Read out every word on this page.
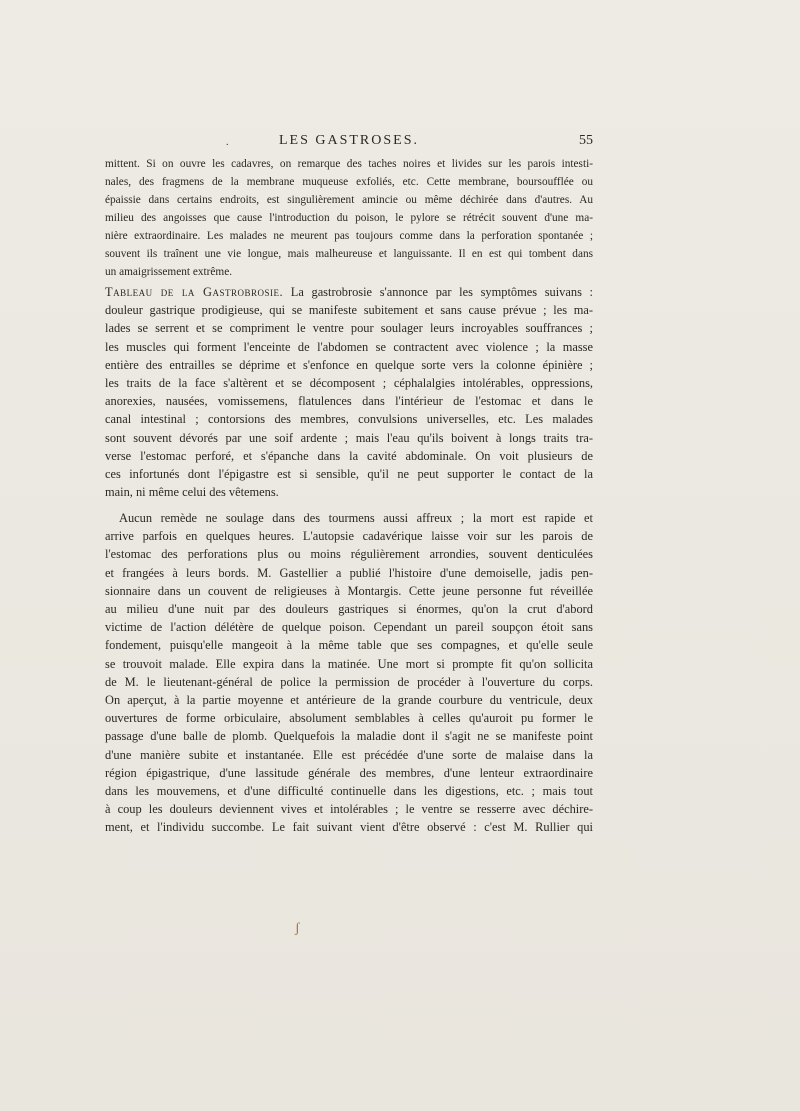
.	LES GASTROSES.	55
mittent. Si on ouvre les cadavres, on remarque des taches noires et livides sur les parois intesti-
nales, des fragmens de la membrane muqueuse exfoliés, etc. Cette membrane, boursoufflée ou
épaissie dans certains endroits, est singulièrement amincie ou même déchirée dans d'autres. Au
milieu des angoisses que cause l'introduction du poison, le pylore se rétrécit souvent d'une ma-
nière extraordinaire. Les malades ne meurent pas toujours comme dans la perforation spontanée ;
souvent ils traînent une vie longue, mais malheureuse et languissante. Il en est qui tombent dans
un amaigrissement extrême.
Tableau de la Gastrobrosie. La gastrobrosie s'annonce par les symptômes suivans :
douleur gastrique prodigieuse, qui se manifeste subitement et sans cause prévue ; les ma-
lades se serrent et se compriment le ventre pour soulager leurs incroyables souffrances ;
les muscles qui forment l'enceinte de l'abdomen se contractent avec violence ; la masse
entière des entrailles se déprime et s'enfonce en quelque sorte vers la colonne épinière ;
les traits de la face s'altèrent et se décomposent ; céphalalgies intolérables, oppressions,
anorexies, nausées, vomissemens, flatulences dans l'intérieur de l'estomac et dans le
canal intestinal ; contorsions des membres, convulsions universelles, etc. Les malades
sont souvent dévorés par une soif ardente ; mais l'eau qu'ils boivent à longs traits tra-
verse l'estomac perforé, et s'épanche dans la cavité abdominale. On voit plusieurs de
ces infortunés dont l'épigastre est si sensible, qu'il ne peut supporter le contact de la
main, ni même celui des vêtemens.
Aucun remède ne soulage dans des tourmens aussi affreux ; la mort est rapide et
arrive parfois en quelques heures. L'autopsie cadavérique laisse voir sur les parois de
l'estomac des perforations plus ou moins régulièrement arrondies, souvent denticulées
et frangées à leurs bords. M. Gastellier a publié l'histoire d'une demoiselle, jadis pen-
sionnaire dans un couvent de religieuses à Montargis. Cette jeune personne fut réveillée
au milieu d'une nuit par des douleurs gastriques si énormes, qu'on la crut d'abord
victime de l'action délétère de quelque poison. Cependant un pareil soupçon étoit sans
fondement, puisqu'elle mangeoit à la même table que ses compagnes, et qu'elle seule
se trouvoit malade. Elle expira dans la matinée. Une mort si prompte fit qu'on sollicita
de M. le lieutenant-général de police la permission de procéder à l'ouverture du corps.
On aperçut, à la partie moyenne et antérieure de la grande courbure du ventricule, deux
ouvertures de forme orbiculaire, absolument semblables à celles qu'auroit pu former le
passage d'une balle de plomb. Quelquefois la maladie dont il s'agit ne se manifeste point
d'une manière subite et instantanée. Elle est précédée d'une sorte de malaise dans la
région épigastrique, d'une lassitude générale des membres, d'une lenteur extraordinaire
dans les mouvemens, et d'une difficulté continuelle dans les digestions, etc. ; mais tout
à coup les douleurs deviennent vives et intolérables ; le ventre se resserre avec déchire-
ment, et l'individu succombe. Le fait suivant vient d'être observé : c'est M. Rullier qui
ʃ
